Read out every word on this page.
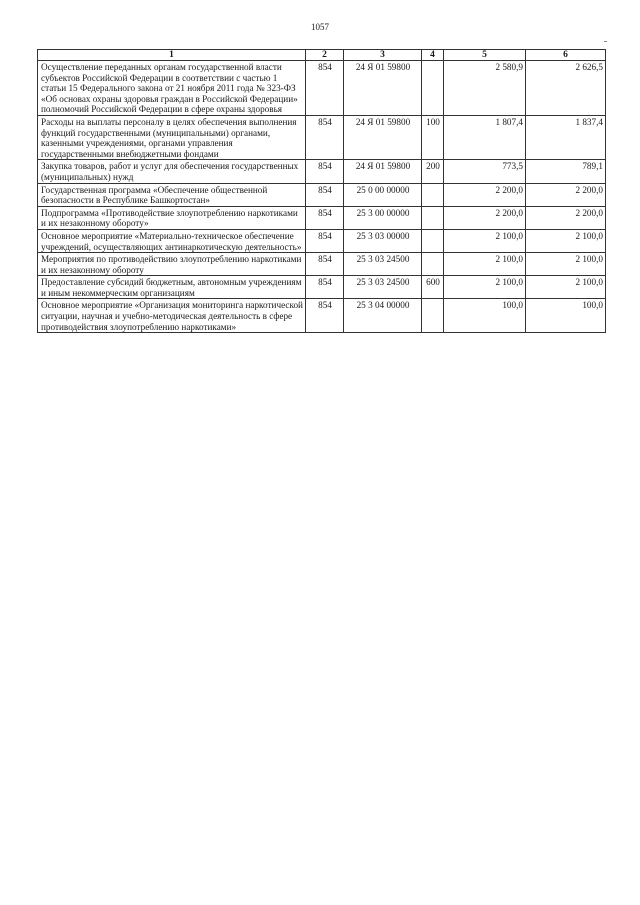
1057
1	2	3	4	5	6
Осуществление переданных органам государственной власти субъектов Российской Федерации в соответствии с частью 1 статьи 15 Федерального закона от 21 ноября 2011 года № 323-ФЗ «Об основах охраны здоровья граждан в Российской Федерации» полномочий Российской Федерации в сфере охраны здоровья	854	24 Я 01 59800		2 580,9	2 626,5
Расходы на выплаты персоналу в целях обеспечения выполнения функций государственными (муниципальными) органами, казенными учреждениями, органами управления государственными внебюджетными фондами	854	24 Я 01 59800	100	1 807,4	1 837,4
Закупка товаров, работ и услуг для обеспечения государственных (муниципальных) нужд	854	24 Я 01 59800	200	773,5	789,1
Государственная программа «Обеспечение общественной безопасности в Республике Башкортостан»	854	25 0 00 00000		2 200,0	2 200,0
Подпрограмма «Противодействие злоупотреблению наркотиками и их незаконному обороту»	854	25 3 00 00000		2 200,0	2 200,0
Основное мероприятие «Материально-техническое обеспечение учреждений, осуществляющих антинаркотическую деятельность»	854	25 3 03 00000		2 100,0	2 100,0
Мероприятия по противодействию злоупотреблению наркотиками и их незаконному обороту	854	25 3 03 24500		2 100,0	2 100,0
Предоставление субсидий бюджетным, автономным учреждениям и иным некоммерческим организациям	854	25 3 03 24500	600	2 100,0	2 100,0
Основное мероприятие «Организация мониторинга наркотической ситуации, научная и учебно-методическая деятельность в сфере противодействия злоупотреблению наркотиками»	854	25 3 04 00000		100,0	100,0
